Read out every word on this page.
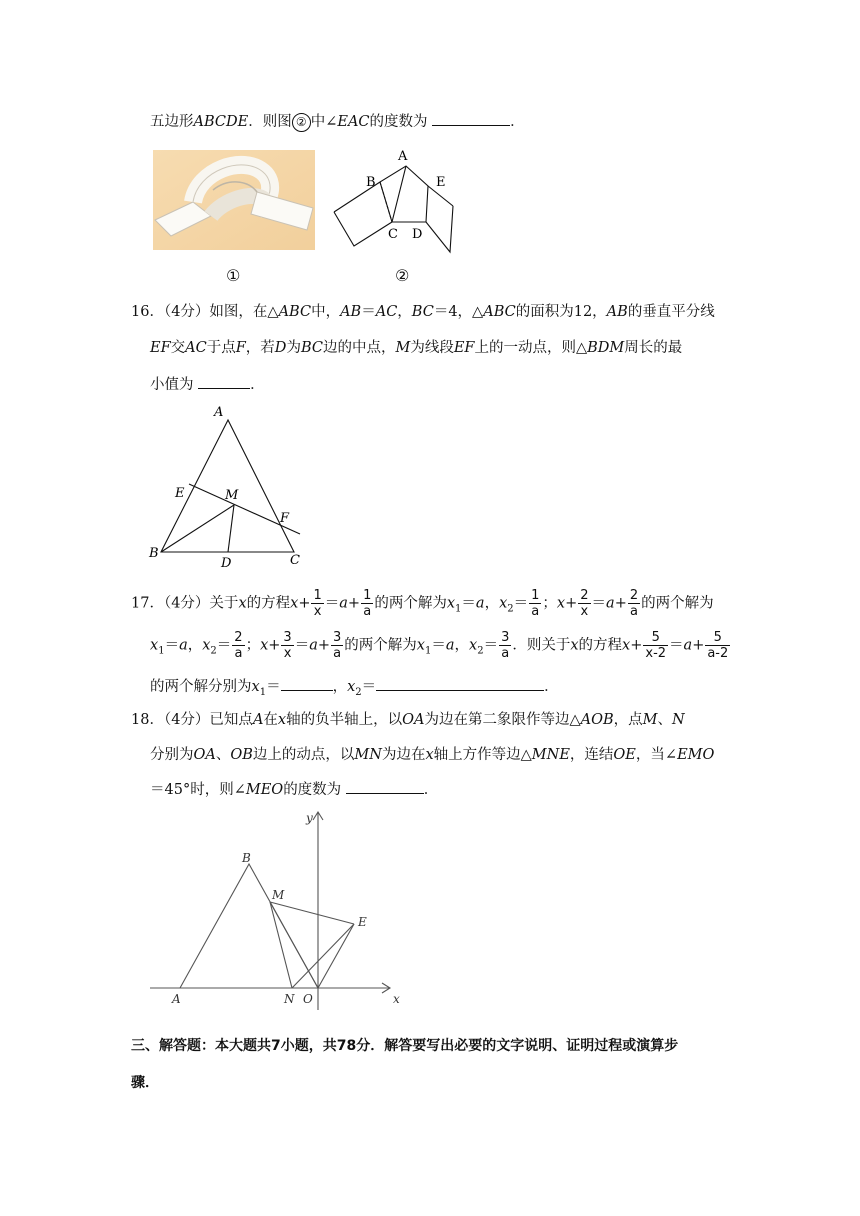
五边形ABCDE．则图 ② 中∠EAC的度数为	．
①
A
B
C D
E
②
16．（4分）如图，在△ABC中，AB＝AC，BC＝4，△ABC的面积为12，AB的垂直平分线
EF交AC于点F，若D为BC边的中点，M为线段EF上的一动点，则△BDM周长的最
小值为	．
A
E	M
F
B
D	C
17．（4分）关于x的方程$x+ \frac{1}{x} =a+ \frac{1}{a}$ 的两个解为$x_1=a$，$x_2= \frac{1}{a}$ ；$x+ \frac{2}{x} =a+ \frac{2}{a}$ 的两个解为
$x_1=a$，$x_2= \frac{2}{a}$ ；$x+ \frac{3}{x} =a+ \frac{3}{a}$ 的两个解为$x_1=a$，$x_2= \frac{3}{a}$ ．则关于x的方程$x+ \frac{5}{x-2} =a+ \frac{5}{a-2}$
的两个解分别为$x_1=$	，$x_2=$	．
18．（4分）已知点A在x轴的负半轴上，以OA为边在第二象限作等边△AOB，点M、N
分别为OA、OB边上的动点，以MN为边在x轴上方作等边△MNE，连结OE，当∠EMO
＝45°时，则∠MEO的度数为	．
y
B
M
E
A	N O	x
三、解答题：本大题共7小题，共78分．解答要写出必要的文字说明、证明过程或演算步
骤．
